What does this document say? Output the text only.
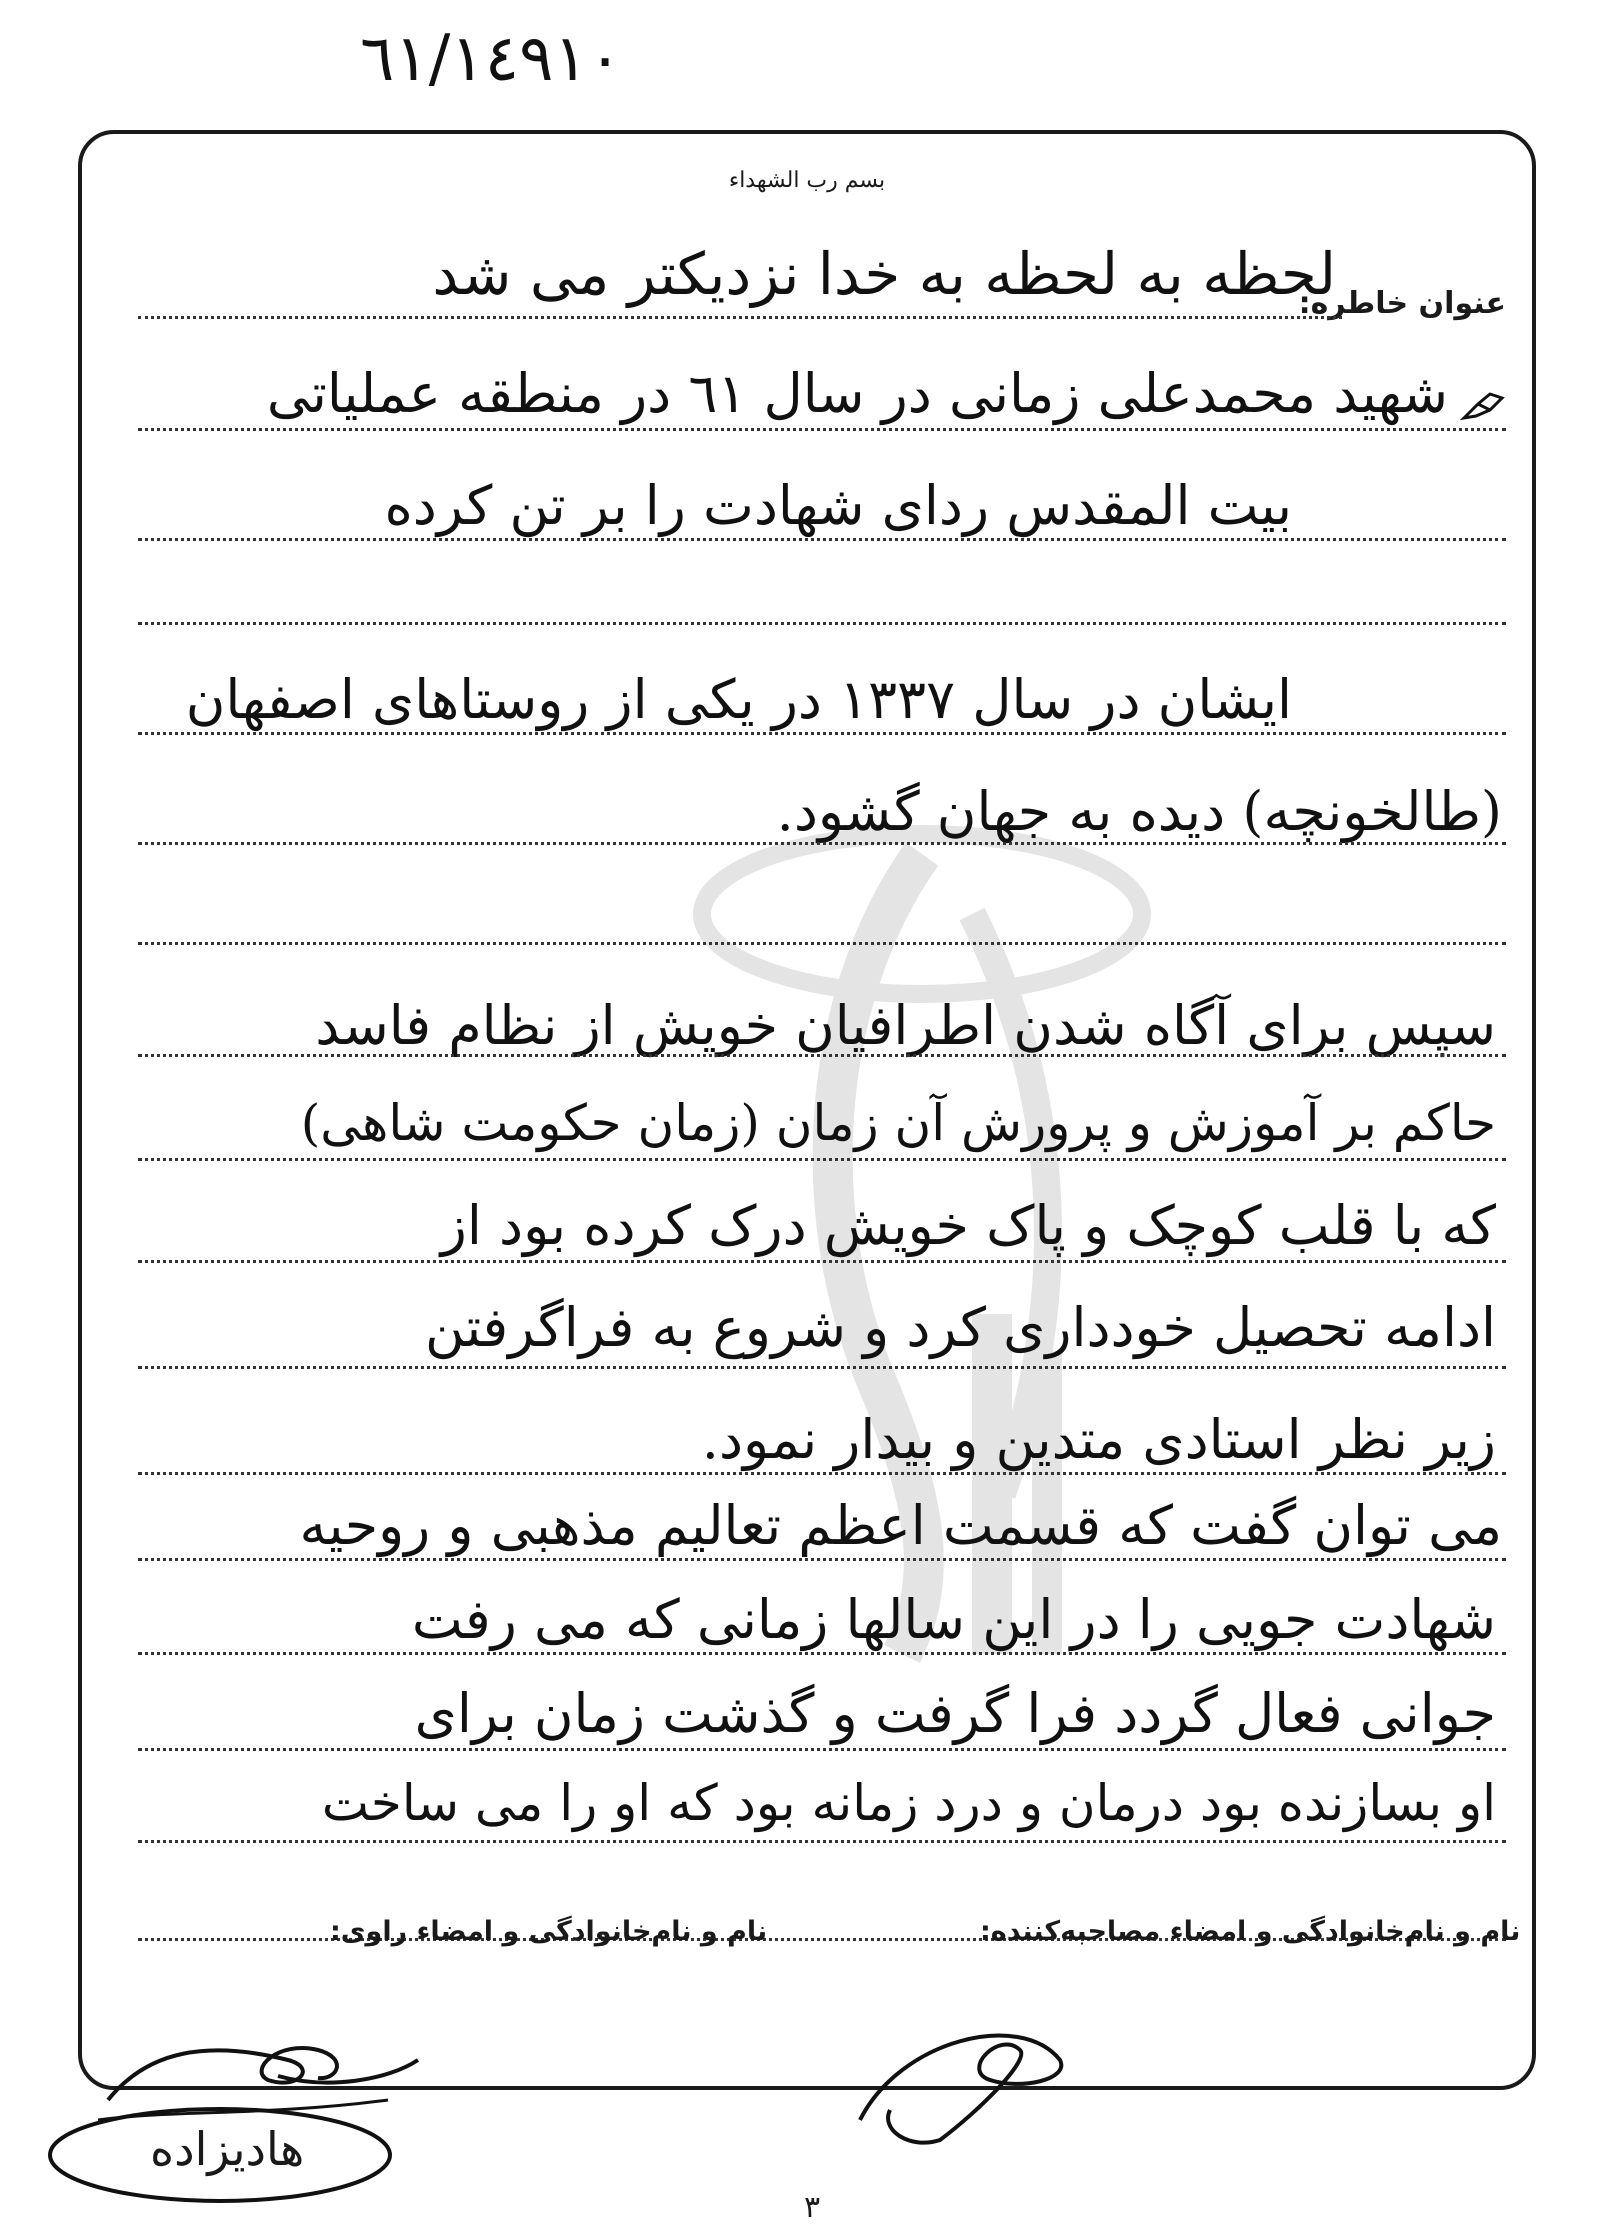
٦١/١٤٩١٠
بسم رب الشهداء
لحظه به لحظه به خدا نزدیکتر می شد
عنوان خاطره:
شهید محمدعلی زمانی در سال ٦١ در منطقه عملیاتی
بیت المقدس ردای شهادت را بر تن کرده
ایشان در سال ١٣٣٧ در یکی از روستاهای اصفهان
(طالخونچه) دیده به جهان گشود.
سپس برای آگاه شدن اطرافیان خویش از نظام فاسد
حاکم بر آموزش و پرورش آن زمان (زمان حکومت شاهی)
که با قلب کوچک و پاک خویش درک کرده بود از
ادامه تحصیل خودداری کرد و شروع به فراگرفتن
زیر نظر استادی متدین و بیدار نمود.
می توان گفت که قسمت اعظم تعالیم مذهبی و روحیه
شهادت جویی را در این سالها زمانی که می رفت
جوانی فعال گردد فرا گرفت و گذشت زمان برای
او بسازنده بود درمان و درد زمانه بود که او را می ساخت
نام و نام‌خانوادگی و امضاء مصاحبه‌کننده:
نام و نام‌خانوادگی و امضاء راوی:
هادیزاده
٣
